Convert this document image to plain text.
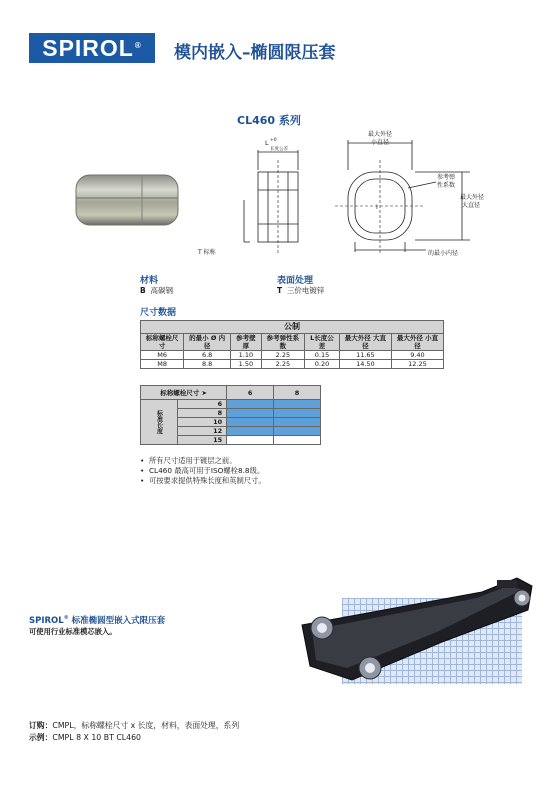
SPIROL®	模内嵌入–椭圆限压套
CL460 系列
L +0
长度公差
T 标称
I
最大外径
小直径
参考弹
性系数
最大外径
大直径
的最小内径
材料
B 高碳钢
表面处理
T 三价电镀锌
尺寸数据
公制						
标称螺栓尺寸	的最小 Ø 内径	参考壁厚	参考弹性系数	L长度公差	最大外径 大直径	最大外径 小直径
M6	6.8	1.10	2.25	0.15	11.65	9.40
M8	8.8	1.50	2.25	0.20	14.50	12.25
标称螺栓尺寸 ➤		6	8
标准长度	6		
	8		
	10		
	12		
	15		
•  所有尺寸适用于镀层之前。
•  CL460 最高可用于ISO螺栓8.8级。
•  可按要求提供特殊长度和英制尺寸。
SPIROL® 标准椭圆型嵌入式限压套
可使用行业标准模芯嵌入。
订购：CMPL，标称螺栓尺寸 x 长度，材料，表面处理，系列
示例：CMPL 8 X 10 BT CL460
